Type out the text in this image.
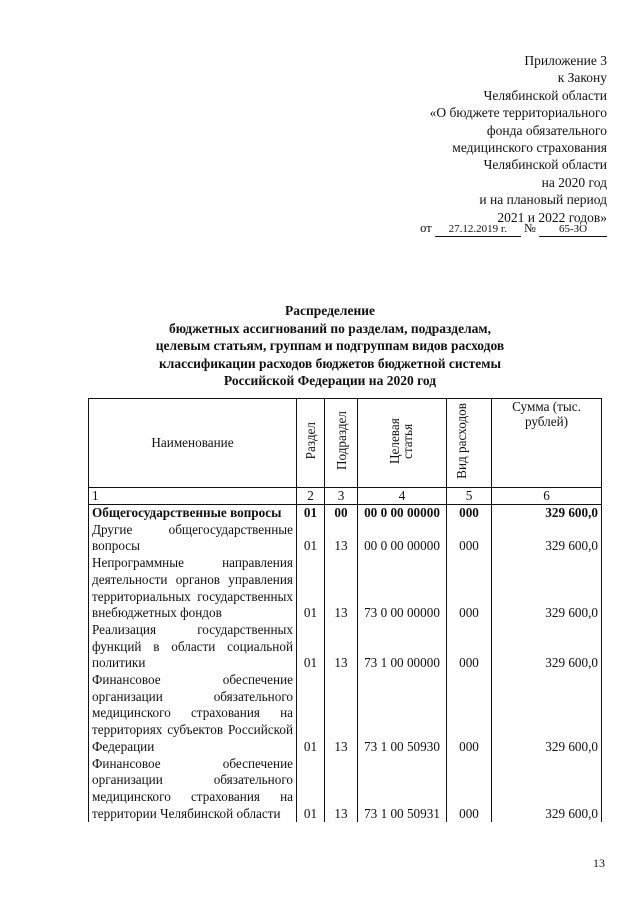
Приложение 3
к Закону
Челябинской области
«О бюджете территориального
фонда обязательного
медицинского страхования
Челябинской области
на 2020 год
и на плановый период
2021 и 2022 годов»
от 27.12.2019 г. № 65-ЗО
Распределение
бюджетных ассигнований по разделам, подразделам,
целевым статьям, группам и подгруппам видов расходов
классификации расходов бюджетов бюджетной системы
Российской Федерации на 2020 год
Наименование	Раздел	Подраздел	Целевая статья	Вид расходов	Сумма (тыс. рублей)
1	2	3	4	5	6
Общегосударственные вопросы	01	00	00 0 00 00000	000	329 600,0
Другие общегосударственные вопросы	01	13	00 0 00 00000	000	329 600,0
Непрограммные направления деятельности органов управления территориальных государственных внебюджетных фондов	01	13	73 0 00 00000	000	329 600,0
Реализация государственных функций в области социальной политики	01	13	73 1 00 00000	000	329 600,0
Финансовое обеспечение организации обязательного медицинского страхования на территориях субъектов Российской Федерации	01	13	73 1 00 50930	000	329 600,0
Финансовое обеспечение организации обязательного медицинского страхования на территории Челябинской области	01	13	73 1 00 50931	000	329 600,0
13
